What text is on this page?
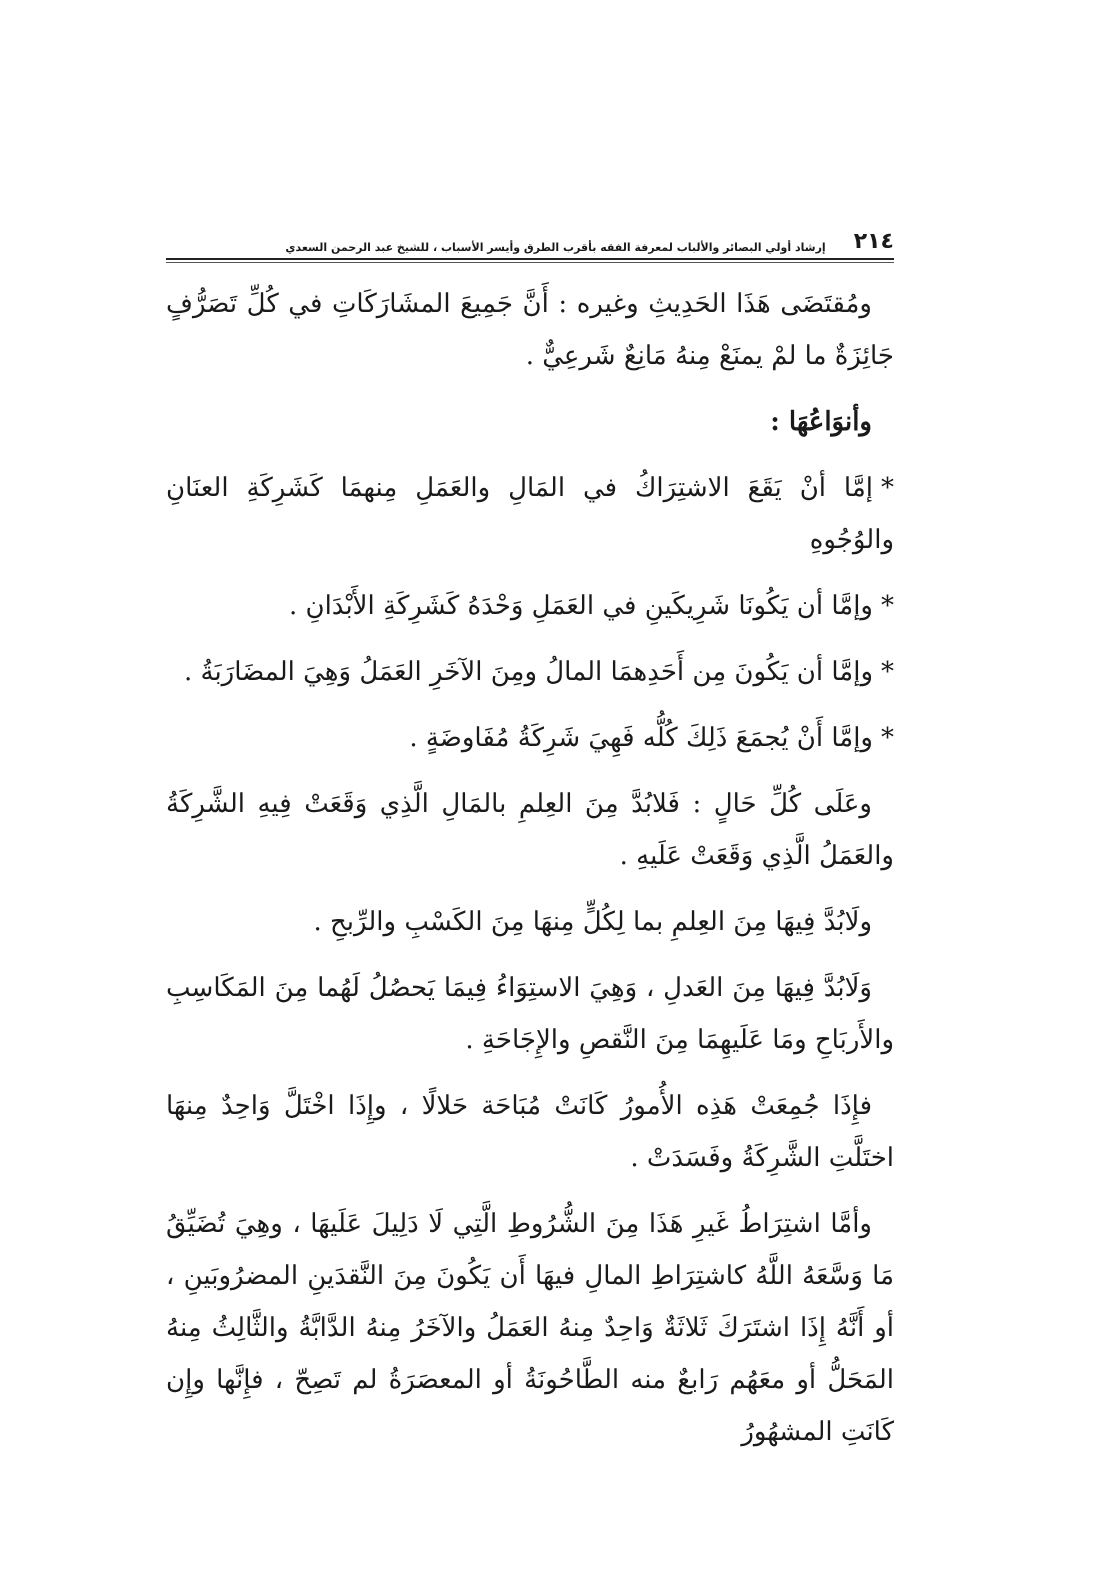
٢١٤
إرشاد أولي البصائر والألباب لمعرفة الفقه بأقرب الطرق وأيسر الأسباب ، للشيخ عبد الرحمن السعدي

ومُقتَضَى هَذَا الحَدِيثِ وغيره : أَنَّ جَمِيعَ المشَارَكَاتِ في كُلِّ تَصَرُّفٍ جَائِزَةٌ ما لمْ يمنَعْ مِنهُ مَانِعٌ شَرعِيٌّ .

وأنوَاعُهَا :

*إمَّا أنْ يَقَعَ الاشتِرَاكُ في المَالِ والعَمَلِ مِنهمَا كَشَرِكَةِ العنَانِ والوُجُوهِ

*وإمَّا أن يَكُونَا شَرِيكَينِ في العَمَلِ وَحْدَهُ كَشَرِكَةِ الأَبْدَانِ .

*وإمَّا أن يَكُونَ مِن أَحَدِهمَا المالُ ومِنَ الآخَرِ العَمَلُ وَهِيَ المضَارَبَةُ .

*وإمَّا أَنْ يُجمَعَ ذَلِكَ كُلُّه فَهِيَ شَرِكَةُ مُفَاوضَةٍ .

وعَلَى كُلِّ حَالٍ : فَلابُدَّ مِنَ العِلمِ بالمَالِ الَّذِي وَقَعَتْ فِيهِ الشَّرِكَةُ والعَمَلُ الَّذِي وَقَعَتْ عَلَيهِ .

ولَابُدَّ فِيهَا مِنَ العِلمِ بما لِكُلٍّ مِنهَا مِنَ الكَسْبِ والرِّبحِ .

وَلَابُدَّ فِيهَا مِنَ العَدلِ ، وَهِيَ الاستِوَاءُ فِيمَا يَحصُلُ لَهُما مِنَ المَكَاسِبِ والأَربَاحِ ومَا عَلَيهِمَا مِنَ النَّقصِ والإِجَاحَةِ .

فإِذَا جُمِعَتْ هَذِه الأُمورُ كَانَتْ مُبَاحَة حَلالًا ، وإِذَا اخْتَلَّ وَاحِدٌ مِنهَا اختَلَّتِ الشَّرِكَةُ وفَسَدَتْ .

وأمَّا اشتِرَاطُ غَيرِ هَذَا مِنَ الشُّرُوطِ الَّتِي لَا دَلِيلَ عَلَيهَا ، وهِيَ تُضَيِّقُ مَا وَسَّعَهُ اللَّهُ كاشتِرَاطِ المالِ فيهَا أَن يَكُونَ مِنَ النَّقدَينِ المضرُوبَينِ ، أو أَنَّهُ إِذَا اشتَرَكَ ثَلاثَةٌ وَاحِدٌ مِنهُ العَمَلُ والآخَرُ مِنهُ الدَّابَّةُ والثَّالِثُ مِنهُ المَحَلُّ أو معَهُم رَابعٌ منه الطَّاحُونَةُ أو المعصَرَةُ لم تَصِحّ ، فإِنَّها وإِن كَانَتِ المشهُورُ
